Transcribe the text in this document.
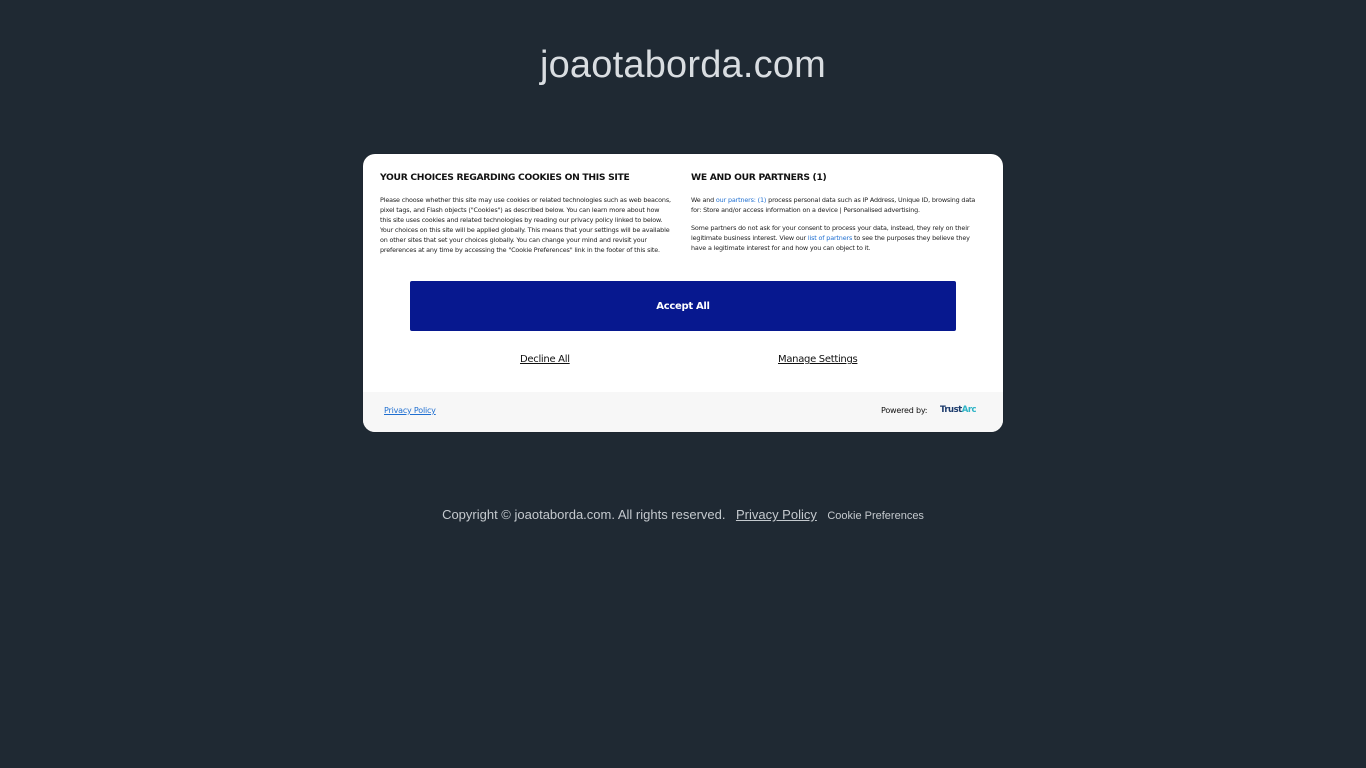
joaotaborda.com
YOUR CHOICES REGARDING COOKIES ON THIS SITE

Please choose whether this site may use cookies or related technologies such as web beacons, pixel tags, and Flash objects ("Cookies") as described below. You can learn more about how this site uses cookies and related technologies by reading our privacy policy linked to below. Your choices on this site will be applied globally. This means that your settings will be available on other sites that set your choices globally. You can change your mind and revisit your preferences at any time by accessing the "Cookie Preferences" link in the footer of this site.

WE AND OUR PARTNERS (1)

We and our partners: (1) process personal data such as IP Address, Unique ID, browsing data for: Store and/or access information on a device | Personalised advertising.

Some partners do not ask for your consent to process your data, instead, they rely on their legitimate business interest. View our list of partners to see the purposes they believe they have a legitimate interest for and how you can object to it.

Accept All
Decline All	Manage Settings
Privacy Policy	Powered by: TrustArc
Copyright © joaotaborda.com. All rights reserved. Privacy Policy Cookie Preferences
